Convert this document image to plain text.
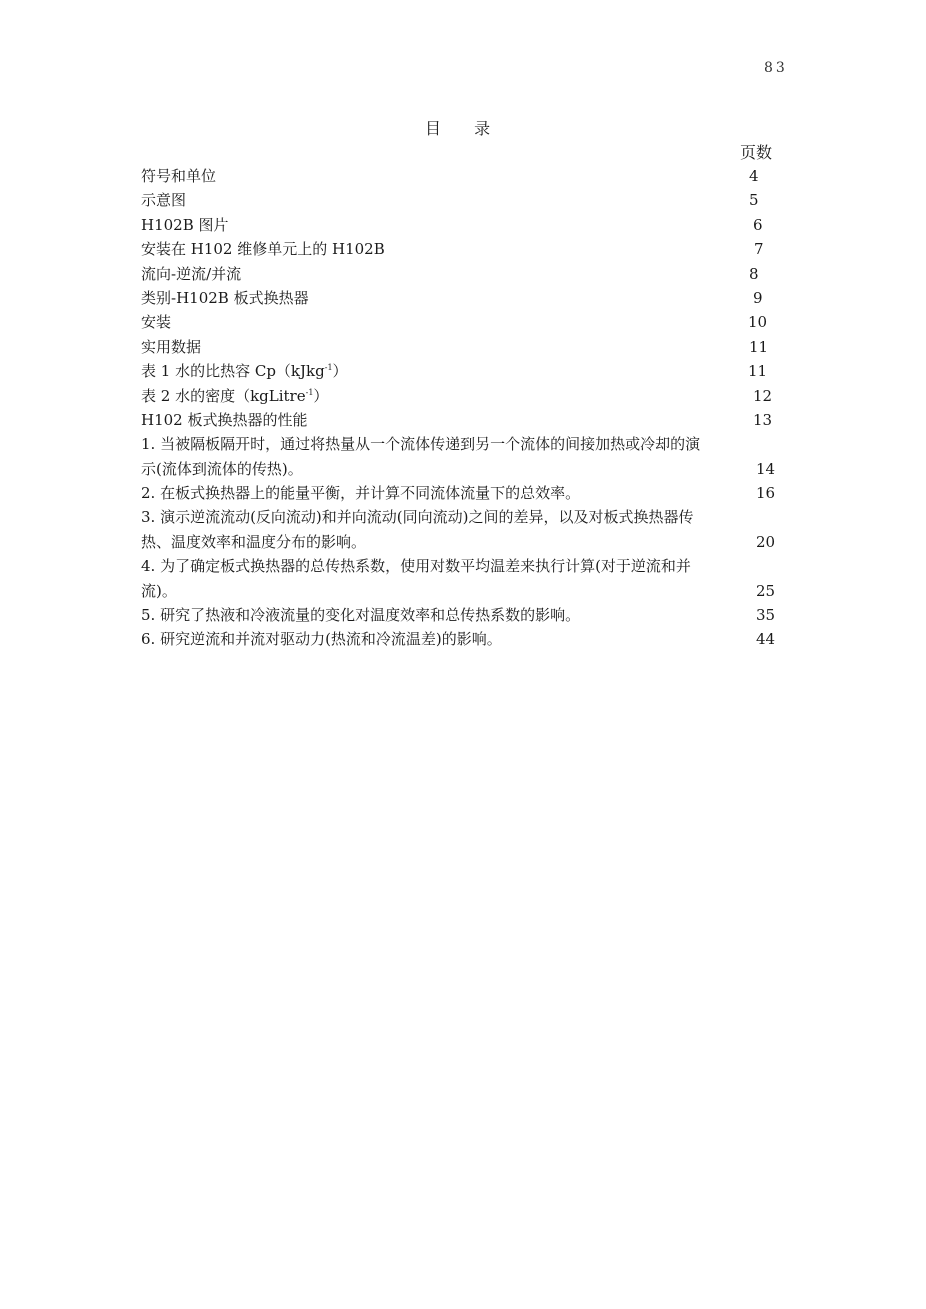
83
目 录
页数
符号和单位	4
示意图	5
H102B 图片	6
安装在 H102 维修单元上的 H102B	7
流向-逆流/并流	8
类别-H102B 板式换热器	9
安装	10
实用数据	11
表 1 水的比热容 Cp（kJkg$^{-1}$）	11
表 2 水的密度（kgLitre$^{-1}$）	12
H102 板式换热器的性能	13
1. 当被隔板隔开时，通过将热量从一个流体传递到另一个流体的间接加热或冷却的演
示(流体到流体的传热)。	14
2. 在板式换热器上的能量平衡，并计算不同流体流量下的总效率。	16
3. 演示逆流流动(反向流动)和并向流动(同向流动)之间的差异，以及对板式换热器传
热、温度效率和温度分布的影响。	20
4. 为了确定板式换热器的总传热系数，使用对数平均温差来执行计算(对于逆流和并
流)。	25
5. 研究了热液和冷液流量的变化对温度效率和总传热系数的影响。	35
6. 研究逆流和并流对驱动力(热流和冷流温差)的影响。	44
